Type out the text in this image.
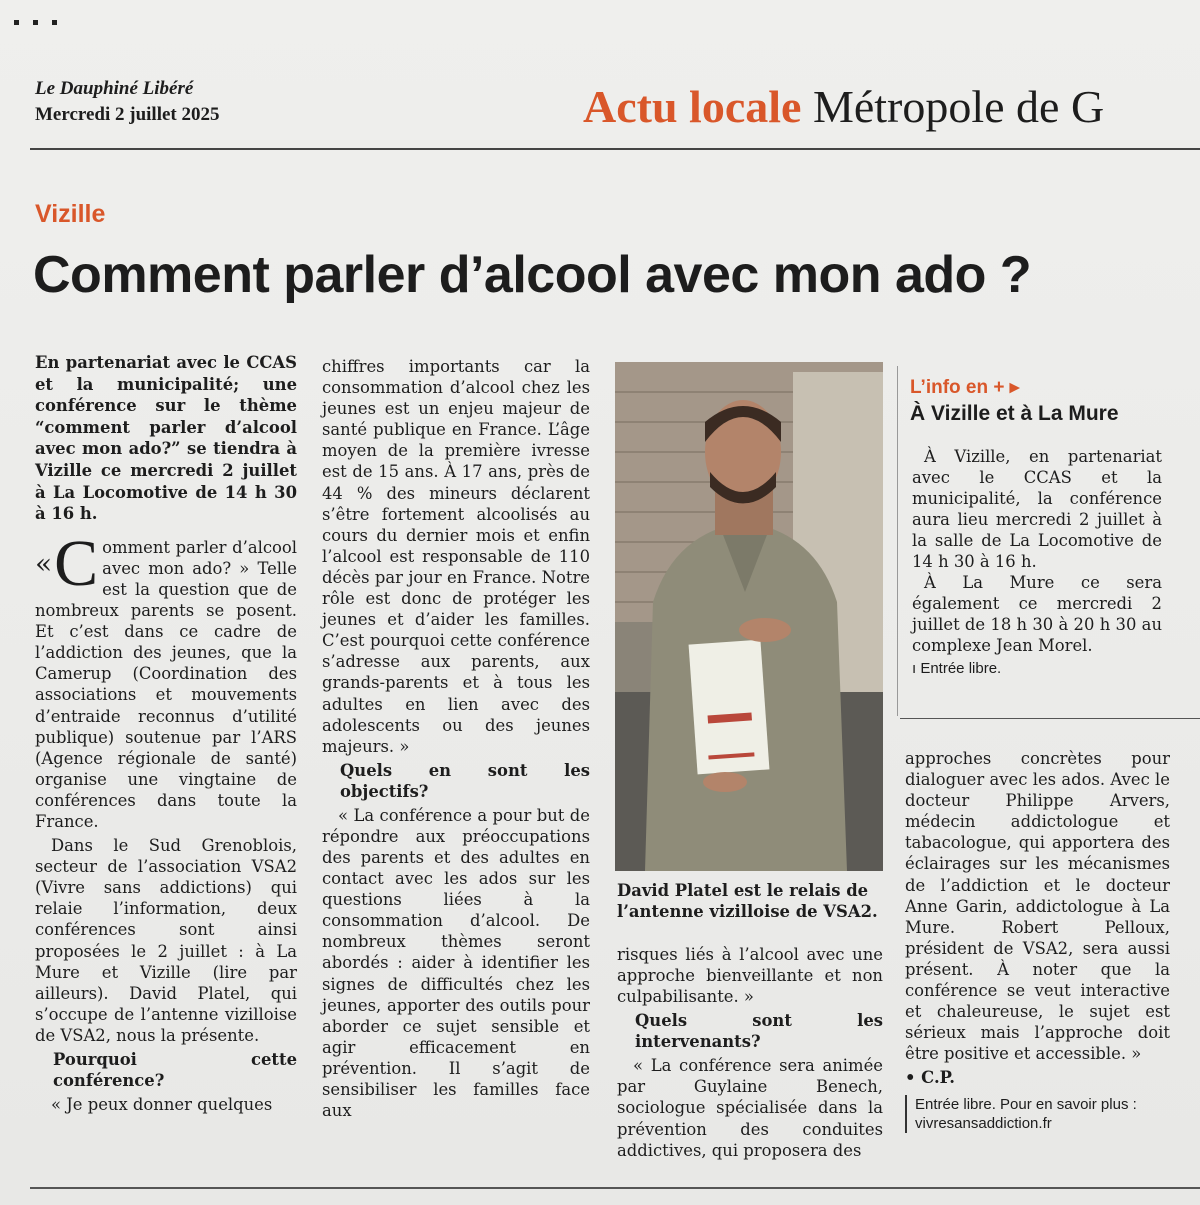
Le Dauphiné Libéré
Mercredi 2 juillet 2025	Actu locale Métropole de G
Vizille
Comment parler d’alcool avec mon ado ?

En partenariat avec le CCAS et la municipalité; une conférence sur le thème “comment parler d’alcool avec mon ado?” se tiendra à Vizille ce mercredi 2 juillet à La Locomotive de 14 h 30 à 16 h.

« C omment parler d’alcool avec mon ado? » Telle est la question que de nombreux parents se posent. Et c’est dans ce cadre de l’addiction des jeunes, que la Camerup (Coordination des associations et mouvements d’entraide reconnus d’utilité publique) soutenue par l’ARS (Agence régionale de santé) organise une vingtaine de conférences dans toute la France.

Dans le Sud Grenoblois, secteur de l’association VSA2 (Vivre sans addictions) qui relaie l’information, deux conférences sont ainsi proposées le 2 juillet : à La Mure et Vizille (lire par ailleurs). David Platel, qui s’occupe de l’antenne vizilloise de VSA2, nous la présente.

Pourquoi cette conférence?

« Je peux donner quelques

chiffres importants car la consommation d’alcool chez les jeunes est un enjeu majeur de santé publique en France. L’âge moyen de la première ivresse est de 15 ans. À 17 ans, près de 44 % des mineurs déclarent s’être fortement alcoolisés au cours du dernier mois et enfin l’alcool est responsable de 110 décès par jour en France. Notre rôle est donc de protéger les jeunes et d’aider les familles. C’est pourquoi cette conférence s’adresse aux parents, aux grands-parents et à tous les adultes en lien avec des adolescents ou des jeunes majeurs. »

Quels en sont les objectifs?

« La conférence a pour but de répondre aux préoccupations des parents et des adultes en contact avec les ados sur les questions liées à la consommation d’alcool. De nombreux thèmes seront abordés : aider à identifier les signes de difficultés chez les jeunes, apporter des outils pour aborder ce sujet sensible et agir efficacement en prévention. Il s’agit de sensibiliser les familles face aux

David Platel est le relais de l’antenne vizilloise de VSA2.

risques liés à l’alcool avec une approche bienveillante et non culpabilisante. »

Quels sont les intervenants?

« La conférence sera animée par Guylaine Benech, sociologue spécialisée dans la prévention des conduites addictives, qui proposera des

L’info en + ▸
À Vizille et à La Mure

À Vizille, en partenariat avec le CCAS et la municipalité, la conférence aura lieu mercredi 2 juillet à la salle de La Locomotive de 14 h 30 à 16 h.

À La Mure ce sera également ce mercredi 2 juillet de 18 h 30 à 20 h 30 au complexe Jean Morel.

ı Entrée libre.

approches concrètes pour dialoguer avec les ados. Avec le docteur Philippe Arvers, médecin addictologue et tabacologue, qui apportera des éclairages sur les mécanismes de l’addiction et le docteur Anne Garin, addictologue à La Mure. Robert Pelloux, président de VSA2, sera aussi présent. À noter que la conférence se veut interactive et chaleureuse, le sujet est sérieux mais l’approche doit être positive et accessible. »

• C.P.

Entrée libre. Pour en savoir plus : vivresansaddiction.fr
